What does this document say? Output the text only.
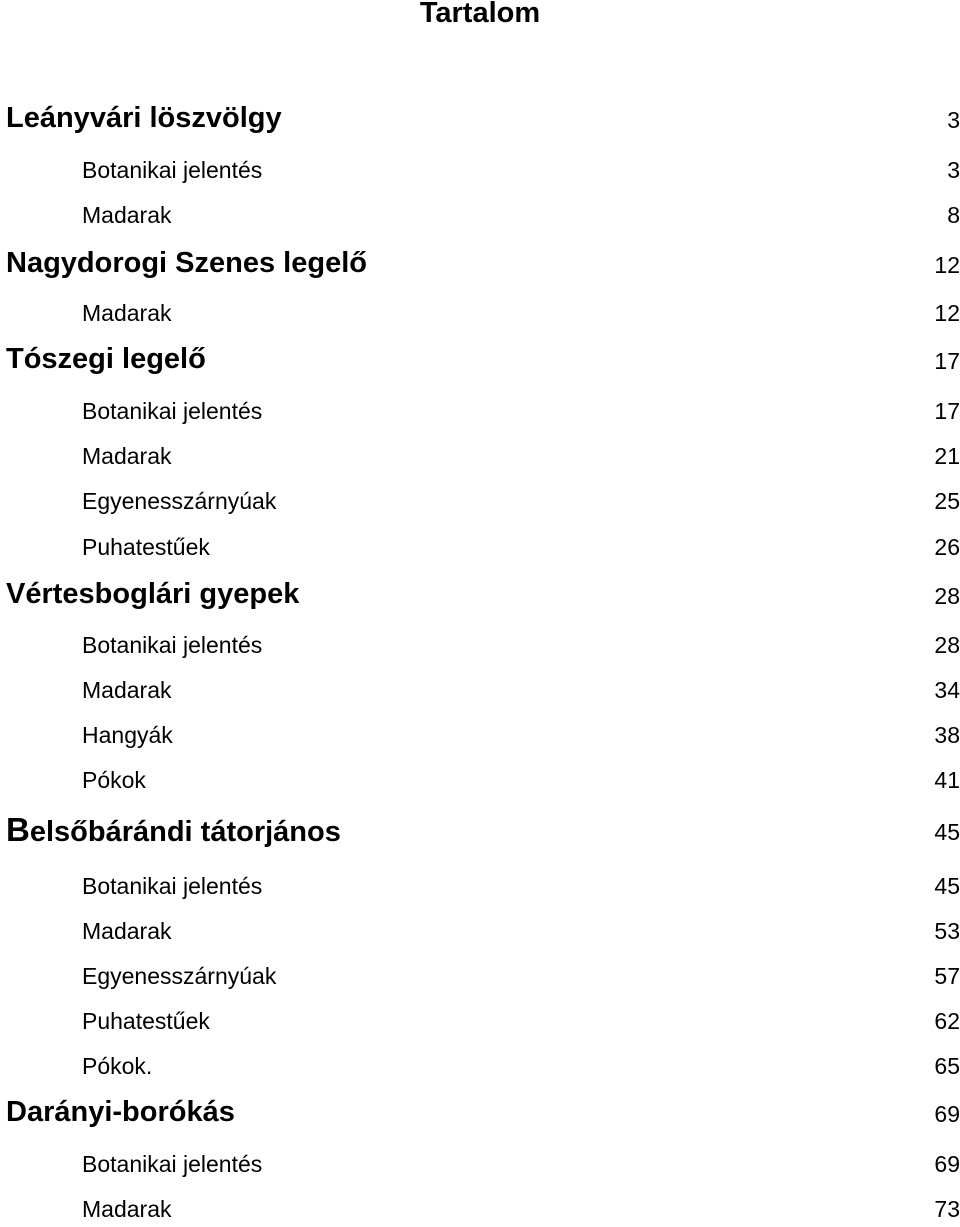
Tartalom
Leányvári löszvölgy	3
Botanikai jelentés	3
Madarak	8
Nagydorogi Szenes legelő	12
Madarak	12
Tószegi legelő	17
Botanikai jelentés	17
Madarak	21
Egyenesszárnyúak	25
Puhatestűek	26
Vértesboglári gyepek	28
Botanikai jelentés	28
Madarak	34
Hangyák	38
Pókok	41
Belsőbárándi tátorjános	45
Botanikai jelentés	45
Madarak	53
Egyenesszárnyúak	57
Puhatestűek	62
Pókok.	65
Darányi-borókás	69
Botanikai jelentés	69
Madarak	73
